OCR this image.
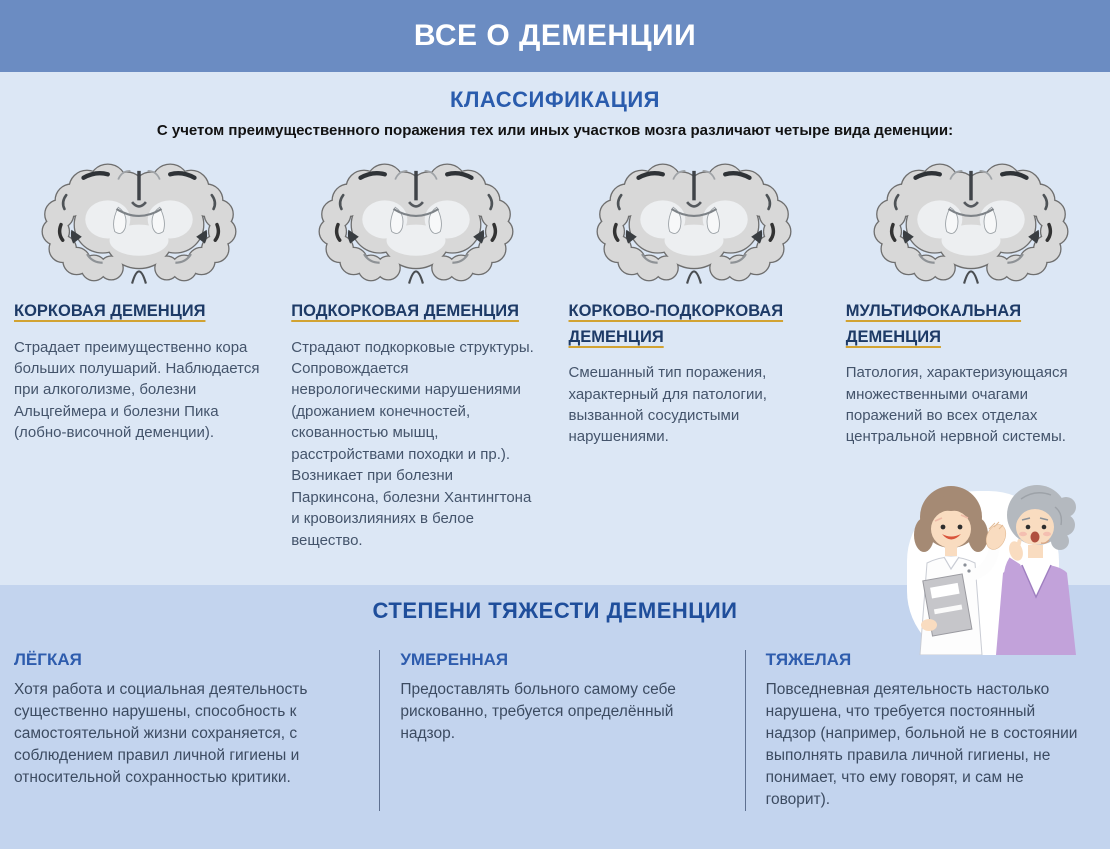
ВСЕ О ДЕМЕНЦИИ
КЛАССИФИКАЦИЯ
С учетом преимущественного поражения тех или иных участков мозга различают четыре вида деменции:
КОРКОВАЯ ДЕМЕНЦИЯ

Страдает преимущественно кора больших полушарий. Наблюдается при алкоголизме, болезни Альцгеймера и болезни Пика (лобно-височной деменции).

ПОДКОРКОВАЯ ДЕМЕНЦИЯ

Страдают подкорковые структуры. Сопровождается неврологическими нарушениями (дрожанием конечностей, скованностью мышц, расстройствами походки и пр.). Возникает при болезни Паркинсона, болезни Хантингтона и кровоизлияниях в белое вещество.

КОРКОВО-ПОДКОРКОВАЯ ДЕМЕНЦИЯ

Смешанный тип поражения, характерный для патологии, вызванной сосудистыми нарушениями.

МУЛЬТИФОКАЛЬНАЯ ДЕМЕНЦИЯ

Патология, характеризующаяся множественными очагами поражений во всех отделах центральной нервной системы.

СТЕПЕНИ ТЯЖЕСТИ ДЕМЕНЦИИ
ЛЁГКАЯ

Хотя работа и социальная деятельность существенно нарушены, способность к самостоятельной жизни сохраняется, с соблюдением правил личной гигиены и относительной сохранностью критики.

УМЕРЕННАЯ

Предоставлять больного самому себе рискованно, требуется определённый надзор.

ТЯЖЕЛАЯ

Повседневная деятельность настолько нарушена, что требуется постоянный надзор (например, больной не в состоянии выполнять правила личной гигиены, не понимает, что ему говорят, и сам не говорит).
